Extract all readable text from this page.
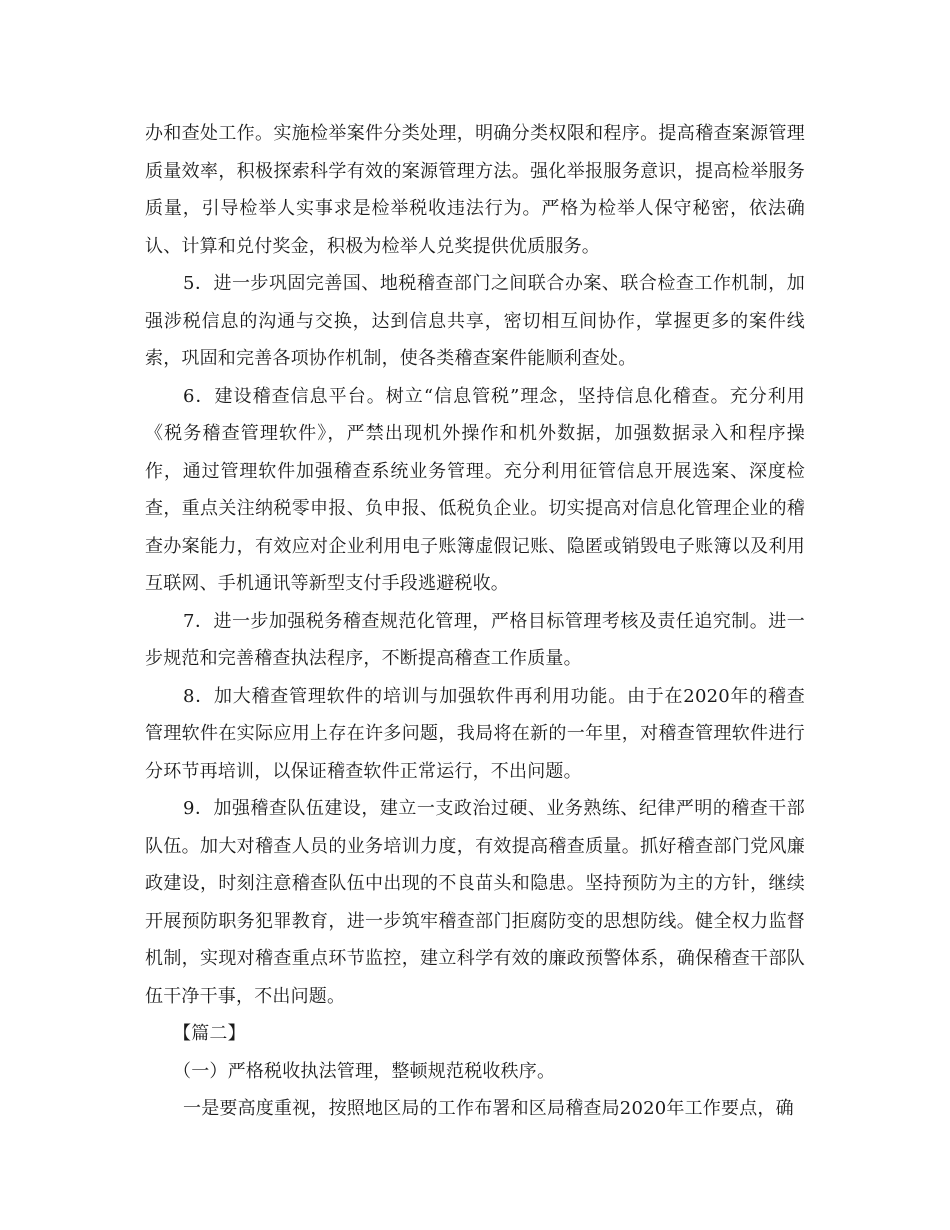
办和查处工作。实施检举案件分类处理，明确分类权限和程序。提高稽查案源管理质量效率，积极探索科学有效的案源管理方法。强化举报服务意识，提高检举服务质量，引导检举人实事求是检举税收违法行为。严格为检举人保守秘密，依法确认、计算和兑付奖金，积极为检举人兑奖提供优质服务。

5．进一步巩固完善国、地税稽查部门之间联合办案、联合检查工作机制，加强涉税信息的沟通与交换，达到信息共享，密切相互间协作，掌握更多的案件线索，巩固和完善各项协作机制，使各类稽查案件能顺利查处。

6．建设稽查信息平台。树立“信息管税”理念，坚持信息化稽查。充分利用《税务稽查管理软件》，严禁出现机外操作和机外数据，加强数据录入和程序操作，通过管理软件加强稽查系统业务管理。充分利用征管信息开展选案、深度检查，重点关注纳税零申报、负申报、低税负企业。切实提高对信息化管理企业的稽查办案能力，有效应对企业利用电子账簿虚假记账、隐匿或销毁电子账簿以及利用互联网、手机通讯等新型支付手段逃避税收。

7．进一步加强税务稽查规范化管理，严格目标管理考核及责任追究制。进一步规范和完善稽查执法程序，不断提高稽查工作质量。

8．加大稽查管理软件的培训与加强软件再利用功能。由于在2020年的稽查管理软件在实际应用上存在许多问题，我局将在新的一年里，对稽查管理软件进行分环节再培训，以保证稽查软件正常运行，不出问题。

9．加强稽查队伍建设，建立一支政治过硬、业务熟练、纪律严明的稽查干部队伍。加大对稽查人员的业务培训力度，有效提高稽查质量。抓好稽查部门党风廉政建设，时刻注意稽查队伍中出现的不良苗头和隐患。坚持预防为主的方针，继续开展预防职务犯罪教育，进一步筑牢稽查部门拒腐防变的思想防线。健全权力监督机制，实现对稽查重点环节监控，建立科学有效的廉政预警体系，确保稽查干部队伍干净干事，不出问题。

【篇二】

（一）严格税收执法管理，整顿规范税收秩序。

一是要高度重视，按照地区局的工作布署和区局稽查局2020年工作要点，确
